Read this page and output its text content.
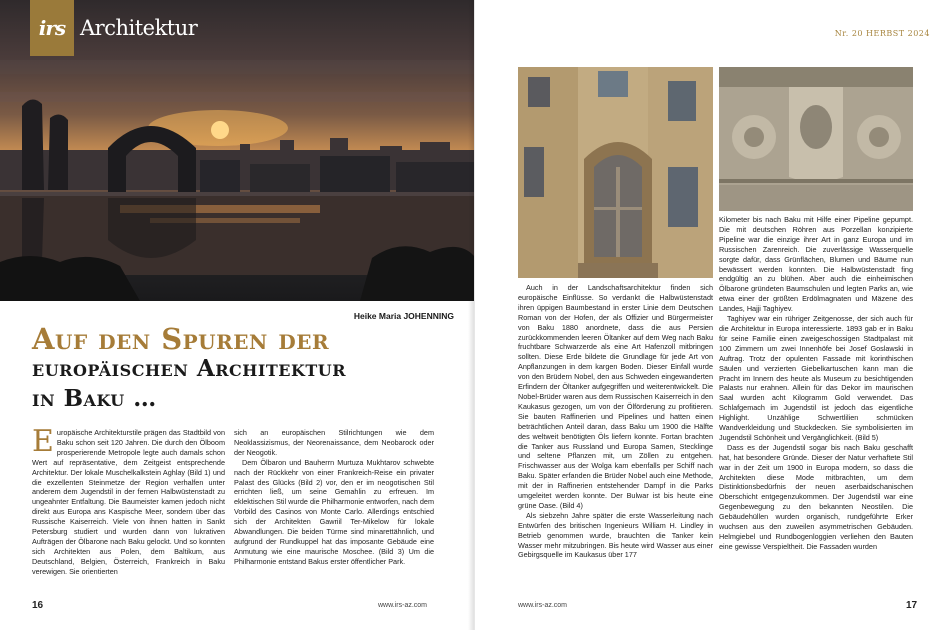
irs Architektur
Heike Maria JOHENNING
Auf den Spuren der
europäischen Architektur
in Baku …

Europäische Architekturstile prägen das Stadtbild von Baku schon seit 120 Jahren. Die durch den Ölboom prosperierende Metropole legte auch damals schon Wert auf repräsentative, dem Zeitgeist entsprechende Architektur. Der lokale Muschelkalkstein Aghlay (Bild 1) und die exzellenten Steinmetze der Region verhalfen unter anderem dem Jugendstil in der fernen Halbwüstenstadt zu ungeahnter Entfaltung. Die Baumeister kamen jedoch nicht direkt aus Europa ans Kaspische Meer, sondern über das Russische Kaiserreich. Viele von ihnen hatten in Sankt Petersburg studiert und wurden dann von lukrativen Aufträgen der Ölbarone nach Baku gelockt. Und so konnten sich Architekten aus Polen, dem Baltikum, aus Deutschland, Belgien, Österreich, Frankreich in Baku verewigen. Sie orientierten

sich an europäischen Stilrichtungen wie dem Neoklassizismus, der Neorenaissance, dem Neobarock oder der Neogotik.

Dem Ölbaron und Bauherrn Murtuza Mukhtarov schwebte nach der Rückkehr von einer Frankreich-Reise ein privater Palast des Glücks (Bild 2) vor, den er im neogotischen Stil errichten ließ, um seine Gemahlin zu erfreuen. Im eklektischen Stil wurde die Philharmonie entworfen, nach dem Vorbild des Casinos von Monte Carlo. Allerdings entschied sich der Architekten Gawriil Ter-Mikelow für lokale Abwandlungen. Die beiden Türme sind minarettähnlich, und aufgrund der Rundkuppel hat das imposante Gebäude eine Anmutung wie eine maurische Moschee. (Bild 3) Um die Philharmonie entstand Bakus erster öffentlicher Park.

16	www.irs-az.com
Nr. 20 HERBST 2024

Auch in der Landschaftsarchitektur finden sich europäische Einflüsse. So verdankt die Halbwüstenstadt ihren üppigen Baumbestand in erster Linie dem Deutschen Roman von der Hofen, der als Offizier und Bürgermeister von Baku 1880 anordnete, dass die aus Persien zurückkommenden leeren Öltanker auf dem Weg nach Baku fruchtbare Schwarzerde als eine Art Hafenzoll mitbringen sollten. Diese Erde bildete die Grundlage für jede Art von Anpflanzungen in dem kargen Boden. Dieser Einfall wurde von den Brüdern Nobel, den aus Schweden eingewanderten Erfindern der Öltanker aufgegriffen und weiterentwickelt. Die Nobel-Brüder waren aus dem Russischen Kaiserreich in den Kaukasus gezogen, um von der Ölförderung zu profitieren. Sie bauten Raffinerien und Pipelines und hatten einen beträchtlichen Anteil daran, dass Baku um 1900 die Hälfte des weltweit benötigten Öls liefern konnte. Fortan brachten die Tanker aus Russland und Europa Samen, Stecklinge und seltene Pflanzen mit, um Zöllen zu entgehen. Frischwasser aus der Wolga kam ebenfalls per Schiff nach Baku. Später erfanden die Brüder Nobel auch eine Methode, mit der in Raffinerien entstehender Dampf in die Parks umgeleitet werden konnte. Der Bulwar ist bis heute eine grüne Oase. (Bild 4)

Als siebzehn Jahre später die erste Wasserleitung nach Entwürfen des britischen Ingenieurs William H. Lindley in Betrieb genommen wurde, brauchten die Tanker kein Wasser mehr mitzubringen. Bis heute wird Wasser aus einer Gebirgsquelle im Kaukasus über 177

Kilometer bis nach Baku mit Hilfe einer Pipeline gepumpt. Die mit deutschen Röhren aus Porzellan konzipierte Pipeline war die einzige ihrer Art in ganz Europa und im Russischen Zarenreich. Die zuverlässige Wasserquelle sorgte dafür, dass Grünflächen, Blumen und Bäume nun bewässert werden konnten. Die Halbwüstenstadt fing endgültig an zu blühen. Aber auch die einheimischen Ölbarone gründeten Baumschulen und legten Parks an, wie etwa einer der größten Erdölmagnaten und Mäzene des Landes, Hajji Taghiyev.

Taghiyev war ein rühriger Zeitgenosse, der sich auch für die Architektur in Europa interessierte. 1893 gab er in Baku für seine Familie einen zweigeschossigen Stadtpalast mit 100 Zimmern um zwei Innenhöfe bei Josef Goslawski in Auftrag. Trotz der opulenten Fassade mit korinthischen Säulen und verzierten Giebelkartuschen kann man die Pracht im Innern des heute als Museum zu besichtigenden Palasts nur erahnen. Allein für das Dekor im maurischen Saal wurden acht Kilogramm Gold verwendet. Das Schlafgemach im Jugendstil ist jedoch das eigentliche Highlight. Unzählige Schwertlilien schmücken Wandverkleidung und Stuckdecken. Sie symbolisierten im Jugendstil Schönheit und Vergänglichkeit. (Bild 5)

Dass es der Jugendstil sogar bis nach Baku geschafft hat, hat besondere Gründe. Dieser der Natur verhaftete Stil war in der Zeit um 1900 in Europa modern, so dass die Architekten diese Mode mitbrachten, um dem Distinktionsbedürfnis der neuen aserbaidschanischen Oberschicht entgegenzukommen. Der Jugendstil war eine Gegenbewegung zu den bekannten Neostilen. Die Gebäudehüllen wurden organisch, rundgeführte Erker wuchsen aus den zuweilen asymmetrischen Gebäuden. Helmgiebel und Rundbogenloggien verliehen den Bauten eine gewisse Verspieltheit. Die Fassaden wurden

www.irs-az.com	17
